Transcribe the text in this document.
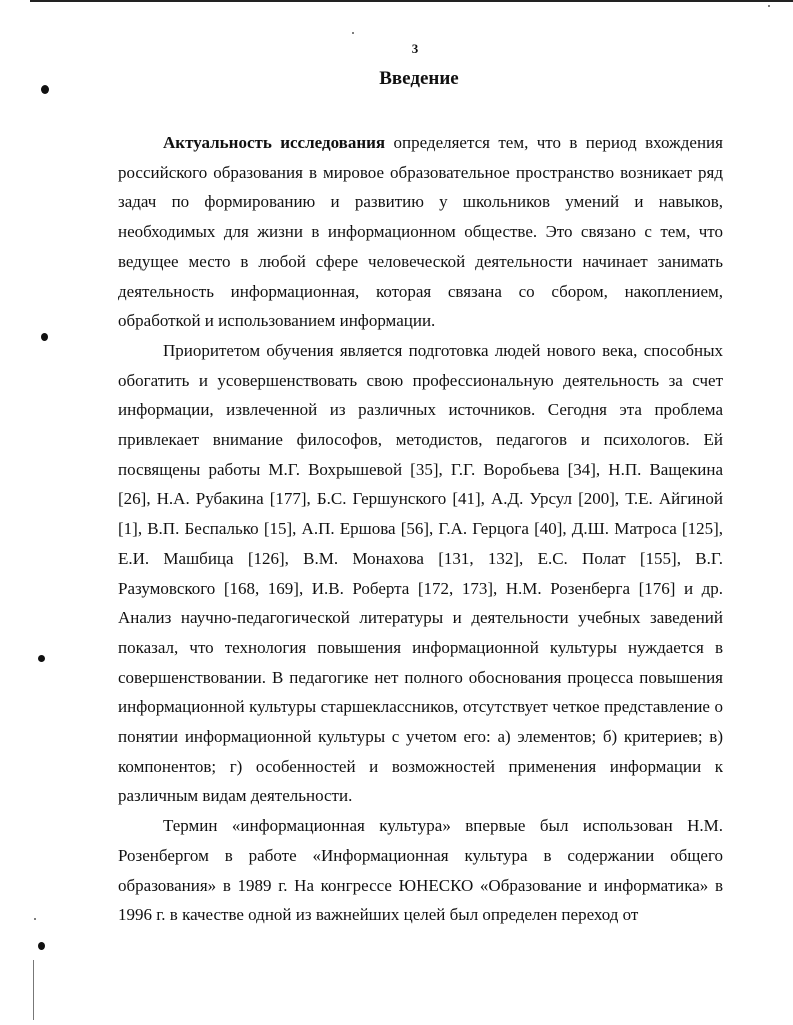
3
Введение

Актуальность исследования определяется тем, что в период вхождения российского образования в мировое образовательное пространство возникает ряд задач по формированию и развитию у школьников умений и навыков, необходимых для жизни в информационном обществе. Это связано с тем, что ведущее место в любой сфере человеческой деятельности начинает занимать деятельность информационная, которая связана со сбором, накоплением, обработкой и использованием информации.

Приоритетом обучения является подготовка людей нового века, способных обогатить и усовершенствовать свою профессиональную деятельность за счет информации, извлеченной из различных источников. Сегодня эта проблема привлекает внимание философов, методистов, педагогов и психологов. Ей посвящены работы М.Г. Вохрышевой [35], Г.Г. Воробьева [34], Н.П. Ващекина [26], Н.А. Рубакина [177], Б.С. Гершунского [41], А.Д. Урсул [200], Т.Е. Айгиной [1], В.П. Беспалько [15], А.П. Ершова [56], Г.А. Герцога [40], Д.Ш. Матроса [125], Е.И. Машбица [126], В.М. Монахова [131, 132], Е.С. Полат [155], В.Г. Разумовского [168, 169], И.В. Роберта [172, 173], Н.М. Розенберга [176] и др. Анализ научно-педагогической литературы и деятельности учебных заведений показал, что технология повышения информационной культуры нуждается в совершенствовании. В педагогике нет полного обоснования процесса повышения информационной культуры старшеклассников, отсутствует четкое представление о понятии информационной культуры с учетом его: а) элементов; б) критериев; в) компонентов; г) особенностей и возможностей применения информации к различным видам деятельности.

Термин «информационная культура» впервые был использован Н.М. Розенбергом в работе «Информационная культура в содержании общего образования» в 1989 г. На конгрессе ЮНЕСКО «Образование и информатика» в 1996 г. в качестве одной из важнейших целей был определен переход от
